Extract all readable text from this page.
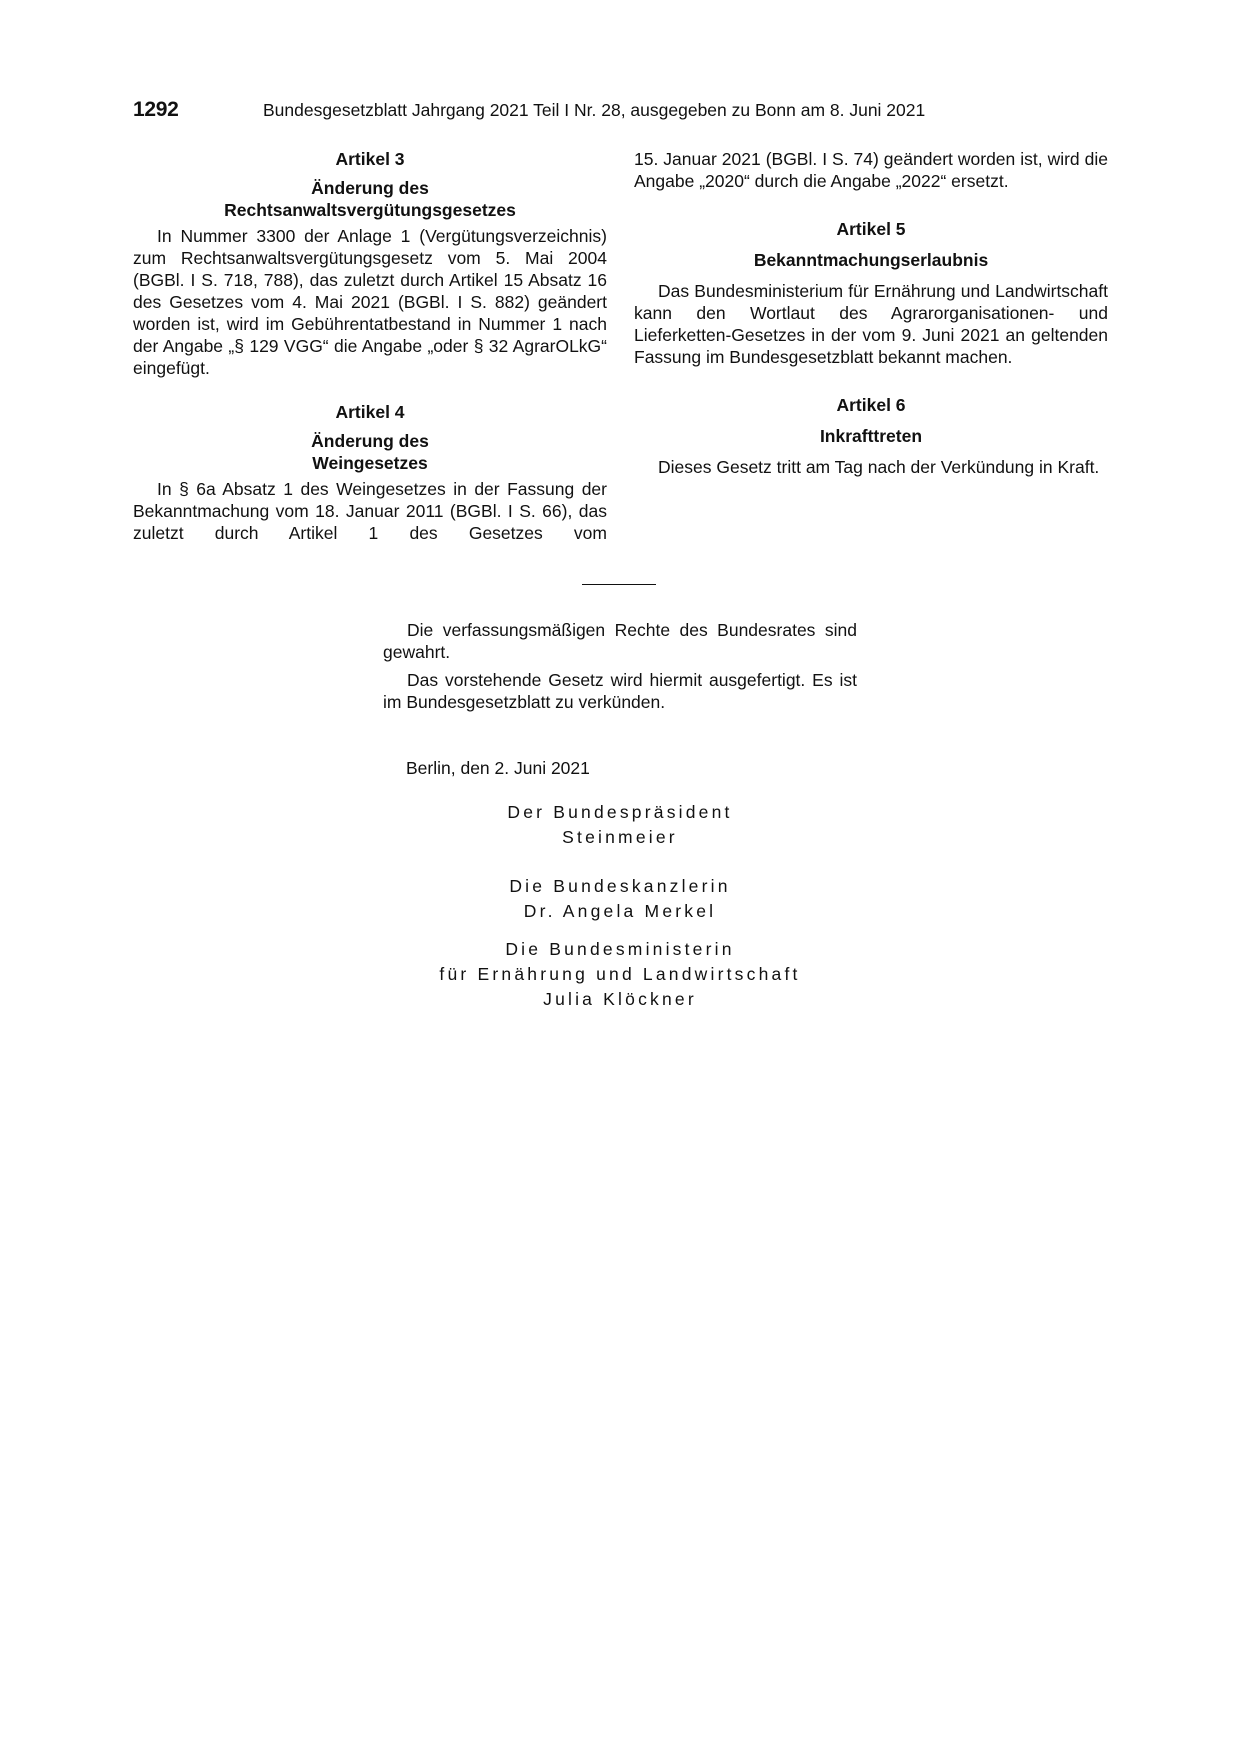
1292	Bundesgesetzblatt Jahrgang 2021 Teil I Nr. 28, ausgegeben zu Bonn am 8. Juni 2021

Artikel 3

Änderung des

Rechtsanwaltsvergütungsgesetzes

In Nummer 3300 der Anlage 1 (Vergütungsverzeichnis) zum Rechtsanwaltsvergütungsgesetz vom 5. Mai 2004 (BGBl. I S. 718, 788), das zuletzt durch Artikel 15 Absatz 16 des Gesetzes vom 4. Mai 2021 (BGBl. I S. 882) geändert worden ist, wird im Gebührentatbestand in Nummer 1 nach der Angabe „§ 129 VGG“ die Angabe „oder § 32 AgrarOLkG“ eingefügt.

Artikel 4

Änderung des

Weingesetzes

In § 6a Absatz 1 des Weingesetzes in der Fassung der Bekanntmachung vom 18. Januar 2011 (BGBl. I S. 66), das zuletzt durch Artikel 1 des Gesetzes vom

15. Januar 2021 (BGBl. I S. 74) geändert worden ist, wird die Angabe „2020“ durch die Angabe „2022“ ersetzt.

Artikel 5

Bekanntmachungserlaubnis

Das Bundesministerium für Ernährung und Landwirtschaft kann den Wortlaut des Agrarorganisationen- und Lieferketten-Gesetzes in der vom 9. Juni 2021 an geltenden Fassung im Bundesgesetzblatt bekannt machen.

Artikel 6

Inkrafttreten

Dieses Gesetz tritt am Tag nach der Verkündung in Kraft.

Die verfassungsmäßigen Rechte des Bundesrates sind gewahrt.

Das vorstehende Gesetz wird hiermit ausgefertigt. Es ist im Bundesgesetzblatt zu verkünden.

Berlin, den 2. Juni 2021
Der Bundespräsident
Steinmeier
Die Bundeskanzlerin
Dr. Angela Merkel
Die Bundesministerin
für Ernährung und Landwirtschaft
Julia Klöckner
